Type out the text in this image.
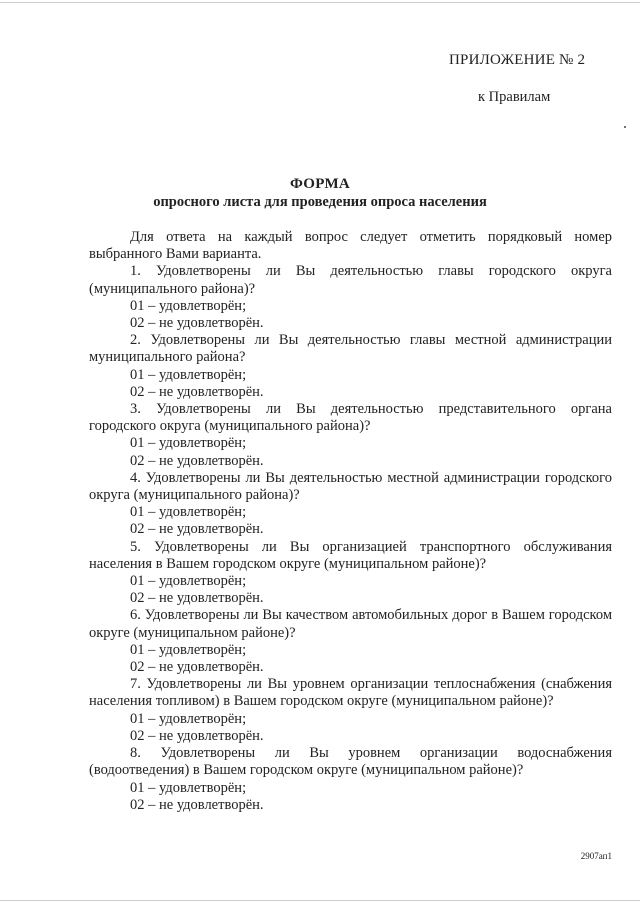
ПРИЛОЖЕНИЕ № 2
к Правилам
ФОРМА
опросного листа для проведения опроса населения

Для ответа на каждый вопрос следует отметить порядковый номер выбранного Вами варианта.

1. Удовлетворены ли Вы деятельностью главы городского округа (муниципального района)?

01 – удовлетворён;

02 – не удовлетворён.

2. Удовлетворены ли Вы деятельностью главы местной администрации муниципального района?

01 – удовлетворён;

02 – не удовлетворён.

3. Удовлетворены ли Вы деятельностью представительного органа городского округа (муниципального района)?

01 – удовлетворён;

02 – не удовлетворён.

4. Удовлетворены ли Вы деятельностью местной администрации городского округа (муниципального района)?

01 – удовлетворён;

02 – не удовлетворён.

5. Удовлетворены ли Вы организацией транспортного обслуживания населения в Вашем городском округе (муниципальном районе)?

01 – удовлетворён;

02 – не удовлетворён.

6. Удовлетворены ли Вы качеством автомобильных дорог в Вашем городском округе (муниципальном районе)?

01 – удовлетворён;

02 – не удовлетворён.

7. Удовлетворены ли Вы уровнем организации теплоснабжения (снабжения населения топливом) в Вашем городском округе (муниципальном районе)?

01 – удовлетворён;

02 – не удовлетворён.

8. Удовлетворены ли Вы уровнем организации водоснабжения (водоотведения) в Вашем городском округе (муниципальном районе)?

01 – удовлетворён;

02 – не удовлетворён.

2907ап1
